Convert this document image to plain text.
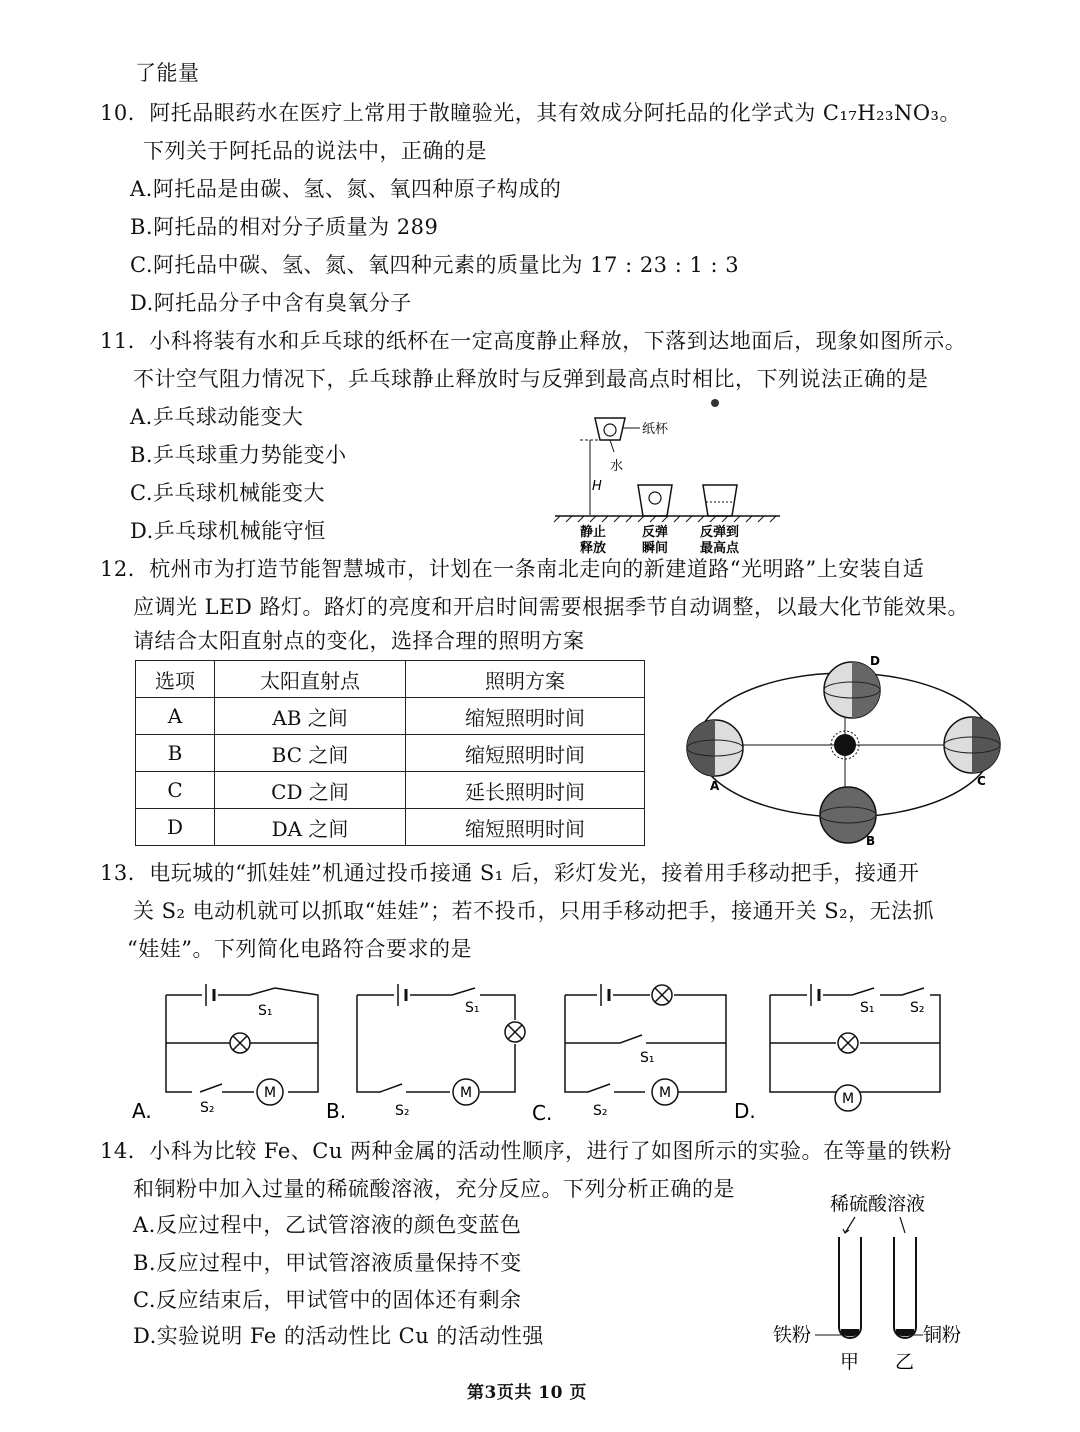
了能量
10．阿托品眼药水在医疗上常用于散瞳验光，其有效成分阿托品的化学式为 C₁₇H₂₃NO₃。
下列关于阿托品的说法中，正确的是
A.阿托品是由碳、氢、氮、氧四种原子构成的
B.阿托品的相对分子质量为 289
C.阿托品中碳、氢、氮、氧四种元素的质量比为 17 : 23 : 1 : 3
D.阿托品分子中含有臭氧分子
11．小科将装有水和乒乓球的纸杯在一定高度静止释放，下落到达地面后，现象如图所示。
不计空气阻力情况下，乒乓球静止释放时与反弹到最高点时相比，下列说法正确的是
A.乒乓球动能变大
B.乒乓球重力势能变小
C.乒乓球机械能变大
D.乒乓球机械能守恒
纸杯
水
H
静止
释放
反弹
瞬间
反弹到
最高点
12．杭州市为打造节能智慧城市，计划在一条南北走向的新建道路“光明路”上安装自适
应调光 LED 路灯。路灯的亮度和开启时间需要根据季节自动调整，以最大化节能效果。
请结合太阳直射点的变化，选择合理的照明方案
选项	太阳直射点	照明方案
A	AB 之间	缩短照明时间
B	BC 之间	缩短照明时间
C	CD 之间	延长照明时间
D	DA 之间	缩短照明时间
D
A	C
B
13．电玩城的“抓娃娃”机通过投币接通 S₁ 后，彩灯发光，接着用手移动把手，接通开
关 S₂ 电动机就可以抓取“娃娃”；若不投币，只用手移动把手，接通开关 S₂，无法抓
“娃娃”。下列简化电路符合要求的是
M	M	M	M
S₁
S₂
S₁
S₂
S₁
S₂
S₁	S₂
A.	B.	C.	D.
14．小科为比较 Fe、Cu 两种金属的活动性顺序，进行了如图所示的实验。在等量的铁粉
和铜粉中加入过量的稀硫酸溶液，充分反应。下列分析正确的是
A.反应过程中，乙试管溶液的颜色变蓝色
B.反应过程中，甲试管溶液质量保持不变
C.反应结束后，甲试管中的固体还有剩余
D.实验说明 Fe 的活动性比 Cu 的活动性强
稀硫酸溶液
铁粉	铜粉
甲 乙
第3页共 10 页
